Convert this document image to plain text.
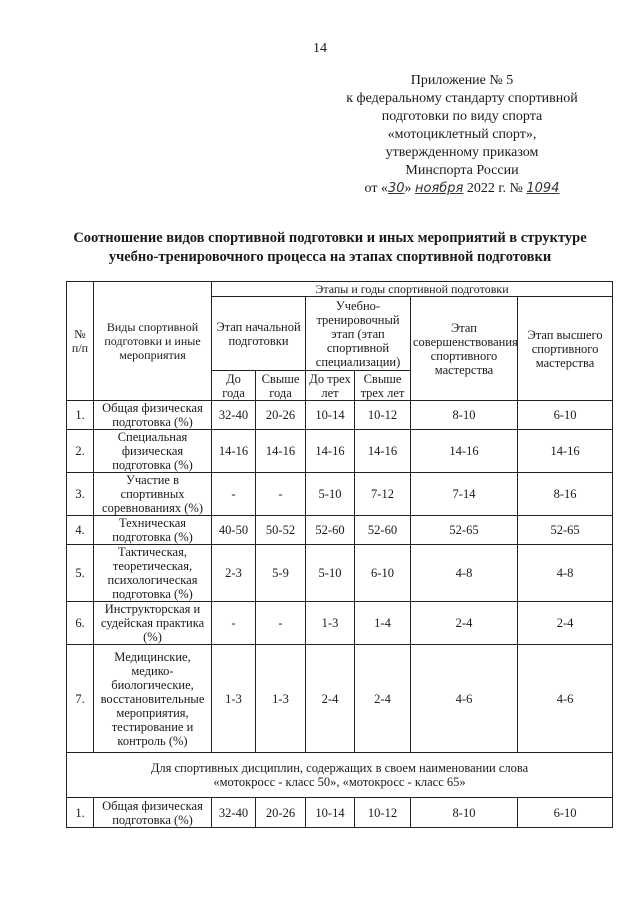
14
Приложение № 5
к федеральному стандарту спортивной
подготовки по виду спорта
«мотоциклетный спорт»,
утвержденному приказом
Минспорта России
от «30» ноября 2022 г. № 1094
Соотношение видов спортивной подготовки и иных мероприятий в структуре
учебно-тренировочного процесса на этапах спортивной подготовки
№ п/п	Виды спортивной подготовки и иные мероприятия	Этапы и годы спортивной подготовки					
		Этап начальной подготовки		Учебно-тренировочный этап (этап спортивной специализации)		Этап совершенствования спортивного мастерства	Этап высшего спортивного мастерства
		До года	Свыше года	До трех лет	Свыше трех лет		
1.	Общая физическая подготовка (%)	32-40	20-26	10-14	10-12	8-10	6-10
2.	Специальная физическая подготовка (%)	14-16	14-16	14-16	14-16	14-16	14-16
3.	Участие в спортивных соревнованиях (%)	-	-	5-10	7-12	7-14	8-16
4.	Техническая подготовка (%)	40-50	50-52	52-60	52-60	52-65	52-65
5.	Тактическая, теоретическая, психологическая подготовка (%)	2-3	5-9	5-10	6-10	4-8	4-8
6.	Инструкторская и судейская практика (%)	-	-	1-3	1-4	2-4	2-4
7.	Медицинские, медико-биологические, восстановительные мероприятия, тестирование и контроль (%)	1-3	1-3	2-4	2-4	4-6	4-6

Для спортивных дисциплин, содержащих в своем наименовании слова
«мотокросс - класс 50», «мотокросс - класс 65»							

1.	Общая физическая подготовка (%)	32-40	20-26	10-14	10-12	8-10	6-10
